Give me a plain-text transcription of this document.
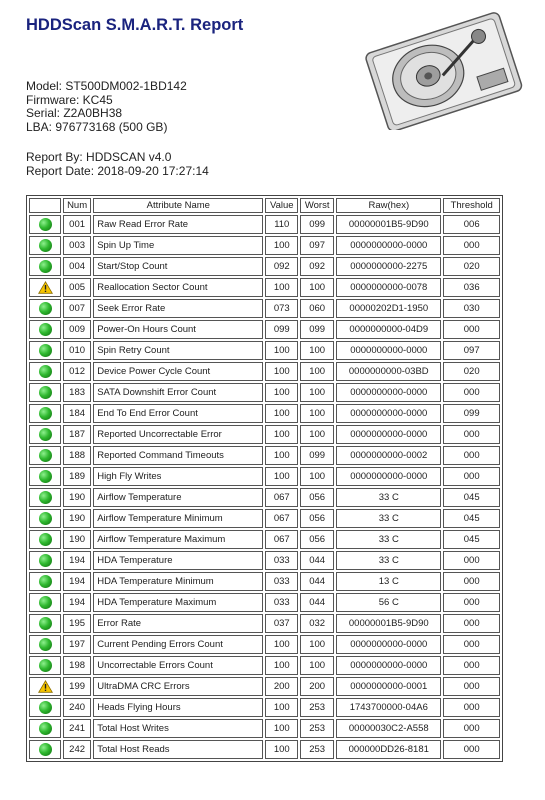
HDDScan S.M.A.R.T. Report
Model: ST500DM002-1BD142
Firmware: KC45
Serial: Z2A0BH38
LBA: 976773168 (500 GB)
Report By: HDDSCAN v4.0
Report Date: 2018-09-20 17:27:14
	Num	Attribute Name	Value	Worst	Raw(hex)	Threshold
	001	Raw Read Error Rate	110	099	00000001B5-9D90	006
	003	Spin Up Time	100	097	0000000000-0000	000
	004	Start/Stop Count	092	092	0000000000-2275	020
	005	Reallocation Sector Count	100	100	0000000000-0078	036
	007	Seek Error Rate	073	060	00000202D1-1950	030
	009	Power-On Hours Count	099	099	0000000000-04D9	000
	010	Spin Retry Count	100	100	0000000000-0000	097
	012	Device Power Cycle Count	100	100	0000000000-03BD	020
	183	SATA Downshift Error Count	100	100	0000000000-0000	000
	184	End To End Error Count	100	100	0000000000-0000	099
	187	Reported Uncorrectable Error	100	100	0000000000-0000	000
	188	Reported Command Timeouts	100	099	0000000000-0002	000
	189	High Fly Writes	100	100	0000000000-0000	000
	190	Airflow Temperature	067	056	33 C	045
	190	Airflow Temperature Minimum	067	056	33 C	045
	190	Airflow Temperature Maximum	067	056	33 C	045
	194	HDA Temperature	033	044	33 C	000
	194	HDA Temperature Minimum	033	044	13 C	000
	194	HDA Temperature Maximum	033	044	56 C	000
	195	Error Rate	037	032	00000001B5-9D90	000
	197	Current Pending Errors Count	100	100	0000000000-0000	000
	198	Uncorrectable Errors Count	100	100	0000000000-0000	000
	199	UltraDMA CRC Errors	200	200	0000000000-0001	000
	240	Heads Flying Hours	100	253	1743700000-04A6	000
	241	Total Host Writes	100	253	00000030C2-A558	000
	242	Total Host Reads	100	253	000000DD26-8181	000
